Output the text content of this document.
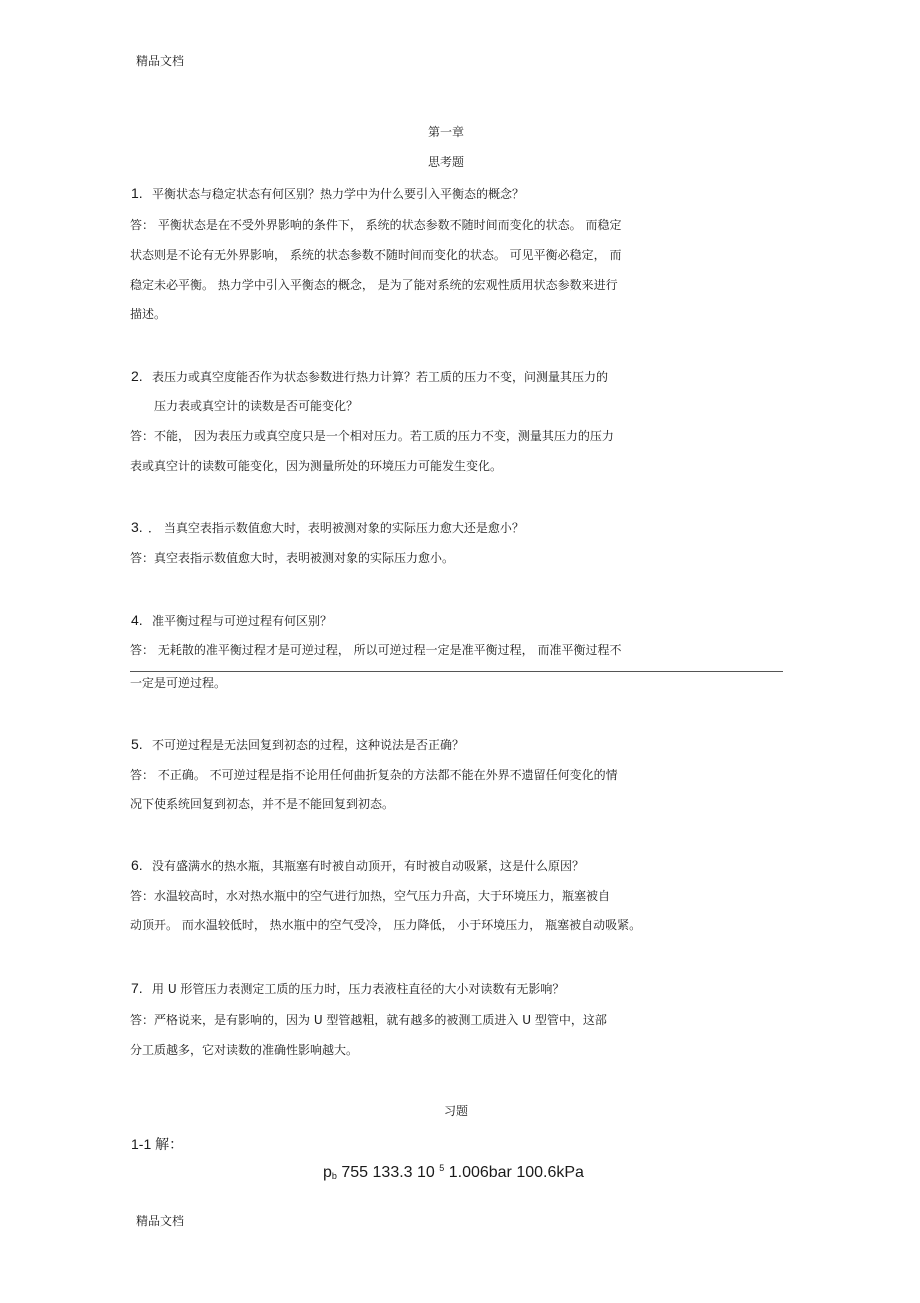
精品文档
第一章
思考题
1. 平衡状态与稳定状态有何区别？热力学中为什么要引入平衡态的概念？
答： 平衡状态是在不受外界影响的条件下， 系统的状态参数不随时间而变化的状态。 而稳定
状态则是不论有无外界影响， 系统的状态参数不随时间而变化的状态。 可见平衡必稳定， 而
稳定未必平衡。 热力学中引入平衡态的概念， 是为了能对系统的宏观性质用状态参数来进行
描述。
2. 表压力或真空度能否作为状态参数进行热力计算？若工质的压力不变，问测量其压力的
压力表或真空计的读数是否可能变化？
答：不能， 因为表压力或真空度只是一个相对压力。若工质的压力不变，测量其压力的压力
表或真空计的读数可能变化，因为测量所处的环境压力可能发生变化。
3. ． 当真空表指示数值愈大时，表明被测对象的实际压力愈大还是愈小？
答：真空表指示数值愈大时，表明被测对象的实际压力愈小。
4. 准平衡过程与可逆过程有何区别？
答： 无耗散的准平衡过程才是可逆过程， 所以可逆过程一定是准平衡过程， 而准平衡过程不
一定是可逆过程。
5. 不可逆过程是无法回复到初态的过程，这种说法是否正确？
答： 不正确。 不可逆过程是指不论用任何曲折复杂的方法都不能在外界不遗留任何变化的情
况下使系统回复到初态，并不是不能回复到初态。
6. 没有盛满水的热水瓶，其瓶塞有时被自动顶开，有时被自动吸紧，这是什么原因？
答：水温较高时，水对热水瓶中的空气进行加热，空气压力升高，大于环境压力，瓶塞被自
动顶开。 而水温较低时， 热水瓶中的空气受冷， 压力降低， 小于环境压力， 瓶塞被自动吸紧。
7. 用 U 形管压力表测定工质的压力时，压力表液柱直径的大小对读数有无影响？
答：严格说来，是有影响的，因为 U 型管越粗，就有越多的被测工质进入 U 型管中，这部
分工质越多，它对读数的准确性影响越大。
习题
1-1 解：
$p_b$ 755 133.3 10 $^5$ 1.006bar 100.6kPa
精品文档
